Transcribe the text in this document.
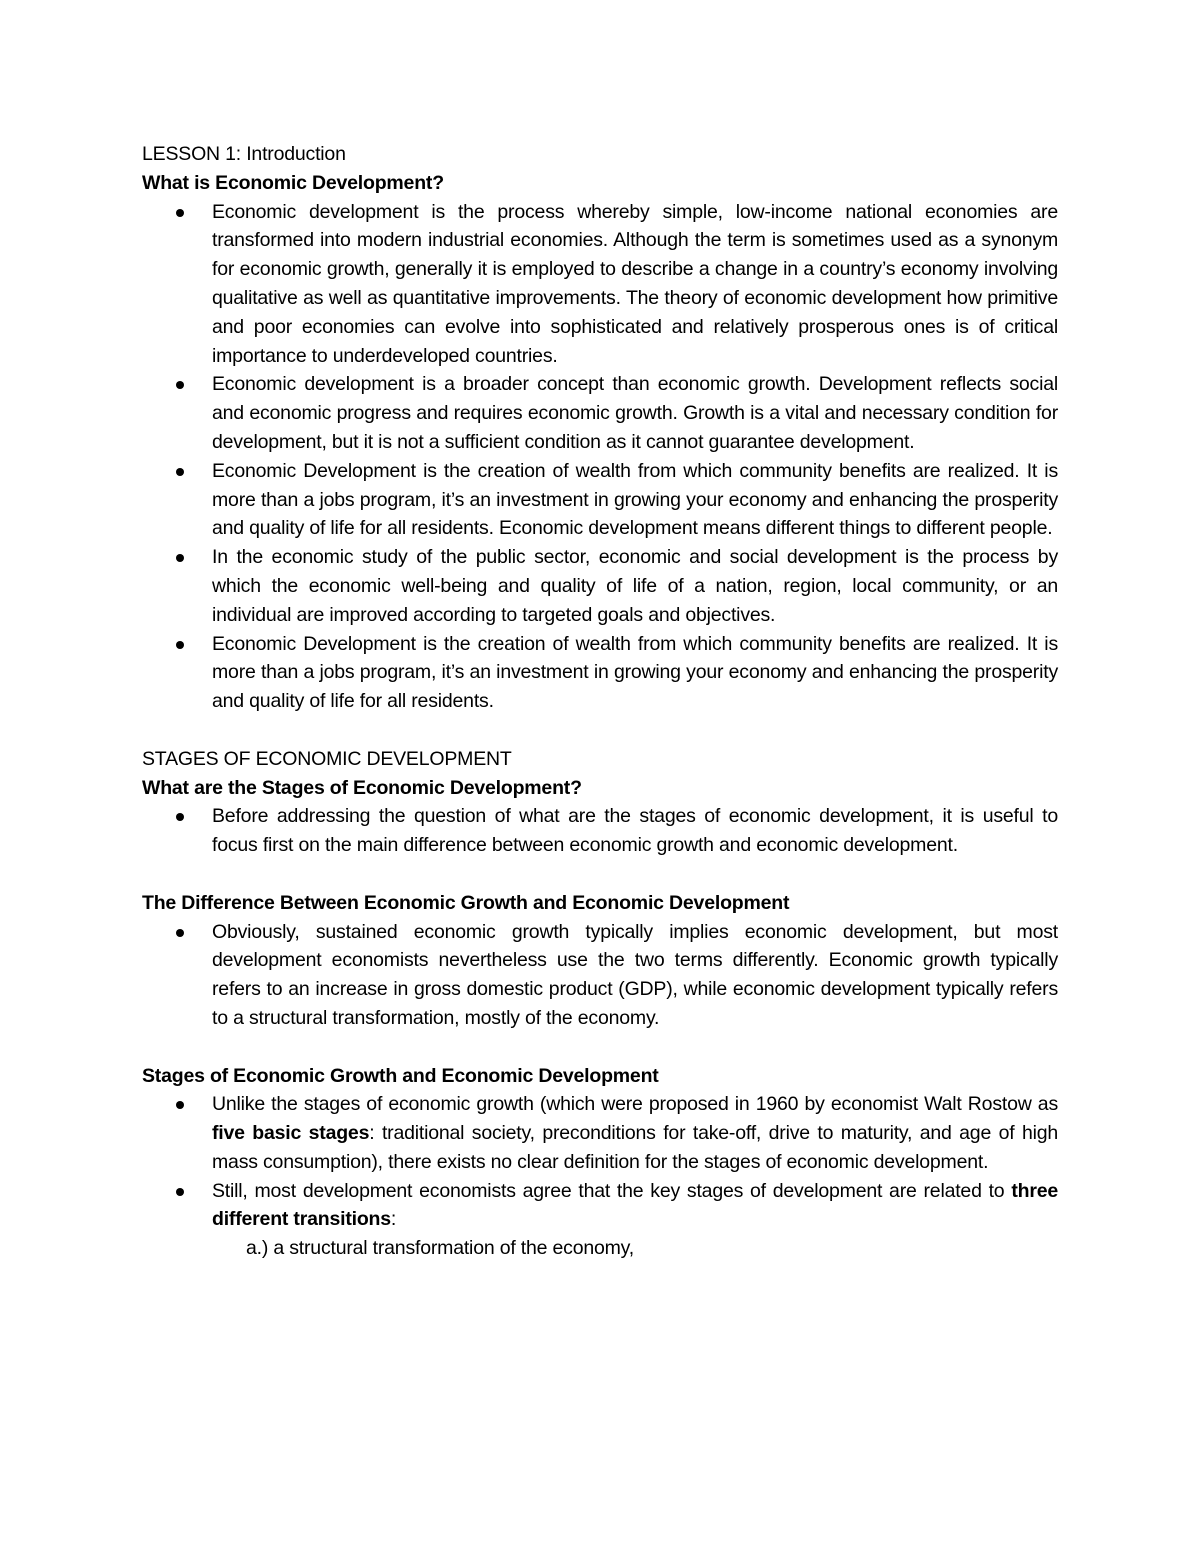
LESSON 1: Introduction

What is Economic Development?

Economic development is the process whereby simple, low-income national economies are transformed into modern industrial economies. Although the term is sometimes used as a synonym for economic growth, generally it is employed to describe a change in a country’s economy involving qualitative as well as quantitative improvements. The theory of economic development how primitive and poor economies can evolve into sophisticated and relatively prosperous ones is of critical importance to underdeveloped countries.
Economic development is a broader concept than economic growth. Development reflects social and economic progress and requires economic growth. Growth is a vital and necessary condition for development, but it is not a sufficient condition as it cannot guarantee development.
Economic Development is the creation of wealth from which community benefits are realized. It is more than a jobs program, it’s an investment in growing your economy and enhancing the prosperity and quality of life for all residents. Economic development means different things to different people.
In the economic study of the public sector, economic and social development is the process by which the economic well-being and quality of life of a nation, region, local community, or an individual are improved according to targeted goals and objectives.
Economic Development is the creation of wealth from which community benefits are realized. It is more than a jobs program, it’s an investment in growing your economy and enhancing the prosperity and quality of life for all residents.

STAGES OF ECONOMIC DEVELOPMENT

What are the Stages of Economic Development?

Before addressing the question of what are the stages of economic development, it is useful to focus first on the main difference between economic growth and economic development.

The Difference Between Economic Growth and Economic Development

Obviously, sustained economic growth typically implies economic development, but most development economists nevertheless use the two terms differently. Economic growth typically refers to an increase in gross domestic product (GDP), while economic development typically refers to a structural transformation, mostly of the economy.

Stages of Economic Growth and Economic Development

Unlike the stages of economic growth (which were proposed in 1960 by economist Walt Rostow as five basic stages: traditional society, preconditions for take-off, drive to maturity, and age of high mass consumption), there exists no clear definition for the stages of economic development.
Still, most development economists agree that the key stages of development are related to three different transitions:

a.) a structural transformation of the economy,
